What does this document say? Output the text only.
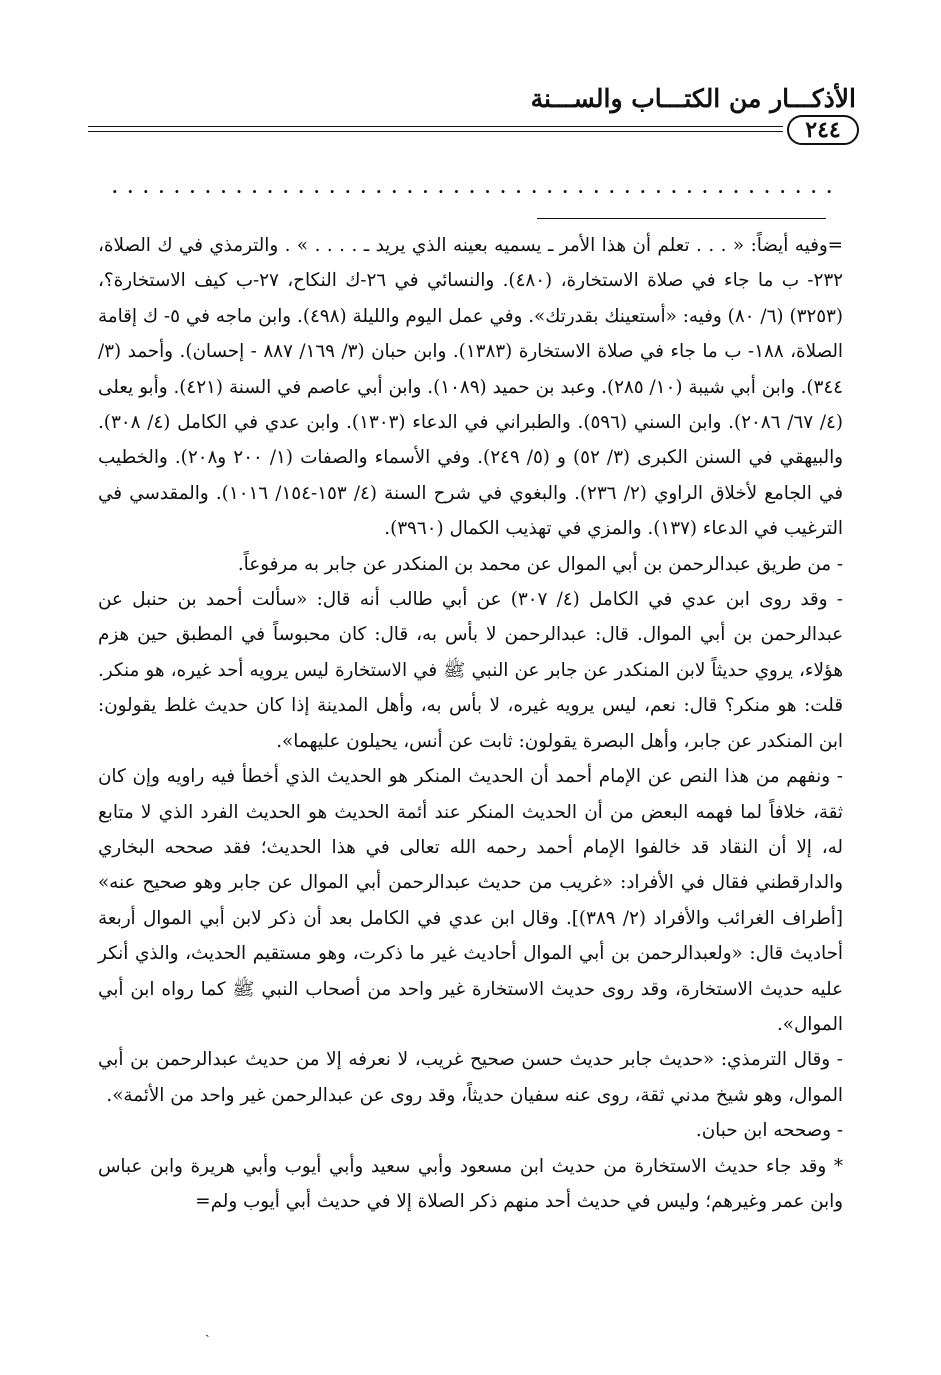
الأذكـــار من الكتـــاب والســـنة
٢٤٤
. . . . . . . . . . . . . . . . . . . . . . . . . . . . . . . . . . . . . . . . . . . . . . .

=وفيه أيضاً: « . . . تعلم أن هذا الأمر ـ يسميه بعينه الذي يريد ـ . . . . » . والترمذي في ك الصلاة، ٢٣٢- ب ما جاء في صلاة الاستخارة، (٤٨٠). والنسائي في ٢٦-ك النكاح، ٢٧-ب كيف الاستخارة؟، (٣٢٥٣) (٦/ ٨٠) وفيه: «أستعينك بقدرتك». وفي عمل اليوم والليلة (٤٩٨). وابن ماجه في ٥- ك إقامة الصلاة، ١٨٨- ب ما جاء في صلاة الاستخارة (١٣٨٣). وابن حبان (٣/ ١٦٩/ ٨٨٧ - إحسان). وأحمد (٣/ ٣٤٤). وابن أبي شيبة (١٠/ ٢٨٥). وعبد بن حميد (١٠٨٩). وابن أبي عاصم في السنة (٤٢١). وأبو يعلى (٤/ ٦٧/ ٢٠٨٦). وابن السني (٥٩٦). والطبراني في الدعاء (١٣٠٣). وابن عدي في الكامل (٤/ ٣٠٨). والبيهقي في السنن الكبرى (٣/ ٥٢) و (٥/ ٢٤٩). وفي الأسماء والصفات (١/ ٢٠٠ و٢٠٨). والخطيب في الجامع لأخلاق الراوي (٢/ ٢٣٦). والبغوي في شرح السنة (٤/ ١٥٣-١٥٤/ ١٠١٦). والمقدسي في الترغيب في الدعاء (١٣٧). والمزي في تهذيب الكمال (٣٩٦٠).

- من طريق عبدالرحمن بن أبي الموال عن محمد بن المنكدر عن جابر به مرفوعاً.

- وقد روى ابن عدي في الكامل (٤/ ٣٠٧) عن أبي طالب أنه قال: «سألت أحمد بن حنبل عن عبدالرحمن بن أبي الموال. قال: عبدالرحمن لا بأس به، قال: كان محبوساً في المطبق حين هزم هؤلاء، يروي حديثاً لابن المنكدر عن جابر عن النبي ﷺ في الاستخارة ليس يرويه أحد غيره، هو منكر. قلت: هو منكر؟ قال: نعم، ليس يرويه غيره، لا بأس به، وأهل المدينة إذا كان حديث غلط يقولون: ابن المنكدر عن جابر، وأهل البصرة يقولون: ثابت عن أنس، يحيلون عليهما».

- ونفهم من هذا النص عن الإمام أحمد أن الحديث المنكر هو الحديث الذي أخطأ فيه راويه وإن كان ثقة، خلافاً لما فهمه البعض من أن الحديث المنكر عند أئمة الحديث هو الحديث الفرد الذي لا متابع له، إلا أن النقاد قد خالفوا الإمام أحمد رحمه الله تعالى في هذا الحديث؛ فقد صححه البخاري والدارقطني فقال في الأفراد: «غريب من حديث عبدالرحمن أبي الموال عن جابر وهو صحيح عنه» [أطراف الغرائب والأفراد (٢/ ٣٨٩)]. وقال ابن عدي في الكامل بعد أن ذكر لابن أبي الموال أربعة أحاديث قال: «ولعبدالرحمن بن أبي الموال أحاديث غير ما ذكرت، وهو مستقيم الحديث، والذي أنكر عليه حديث الاستخارة، وقد روى حديث الاستخارة غير واحد من أصحاب النبي ﷺ كما رواه ابن أبي الموال».

- وقال الترمذي: «حديث جابر حديث حسن صحيح غريب، لا نعرفه إلا من حديث عبدالرحمن بن أبي الموال، وهو شيخ مدني ثقة، روى عنه سفيان حديثاً، وقد روى عن عبدالرحمن غير واحد من الأئمة».

- وصححه ابن حبان.

* وقد جاء حديث الاستخارة من حديث ابن مسعود وأبي سعيد وأبي أيوب وأبي هريرة وابن عباس وابن عمر وغيرهم؛ وليس في حديث أحد منهم ذكر الصلاة إلا في حديث أبي أيوب ولم=

ˎ
